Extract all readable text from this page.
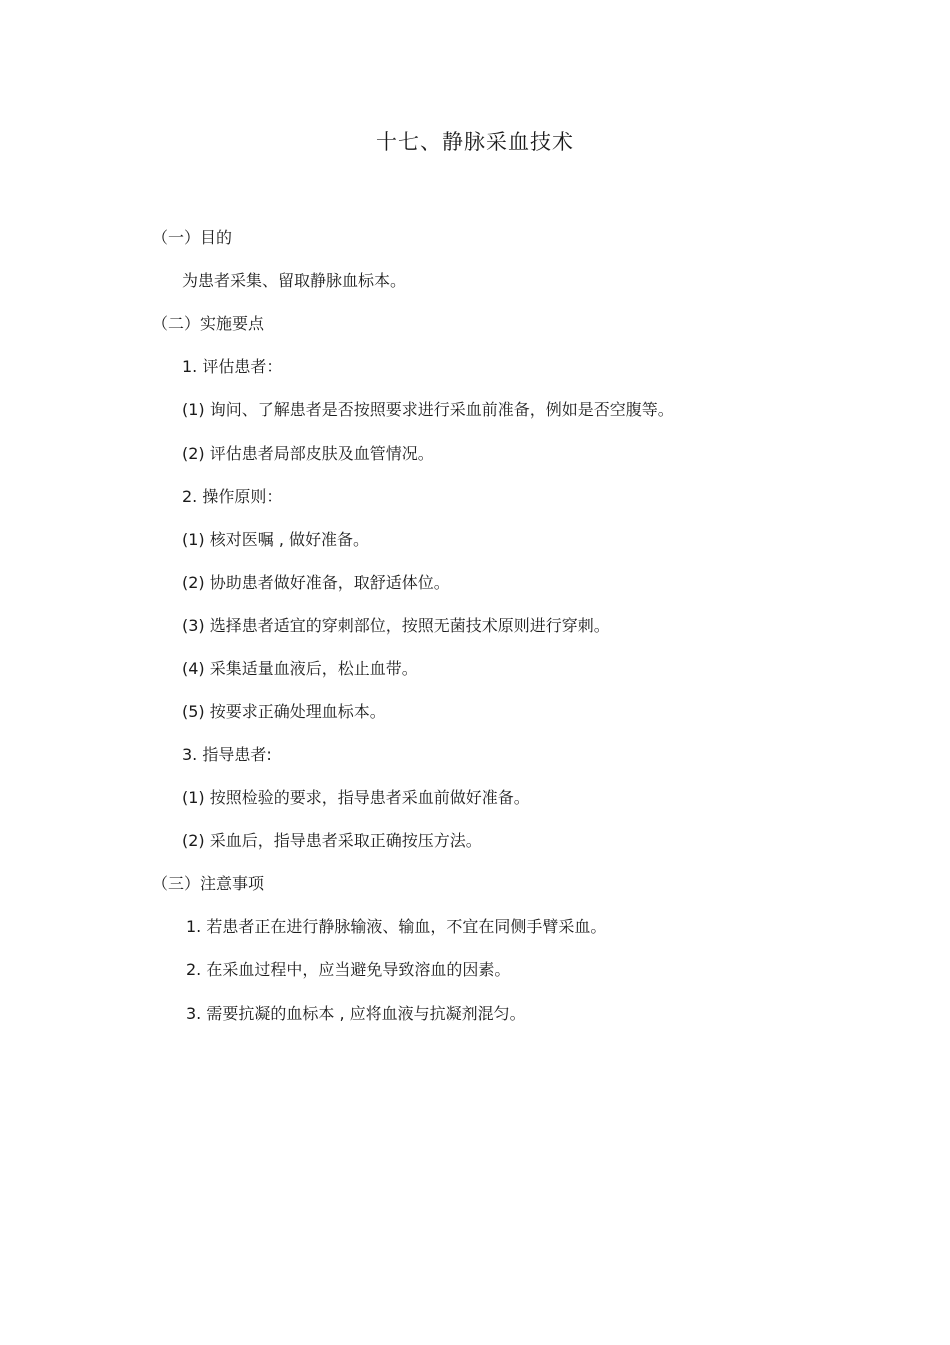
十七、静脉采血技术
（一）目的
为患者采集、留取静脉血标本。
（二）实施要点
1. 评估患者：
(1) 询问、了解患者是否按照要求进行采血前准备，例如是否空腹等。
(2) 评估患者局部皮肤及血管情况。
2. 操作原则：
(1) 核对医嘱 , 做好准备。
(2) 协助患者做好准备，取舒适体位。
(3) 选择患者适宜的穿刺部位，按照无菌技术原则进行穿刺。
(4) 采集适量血液后，松止血带。
(5) 按要求正确处理血标本。
3. 指导患者:
(1) 按照检验的要求，指导患者采血前做好准备。
(2) 采血后，指导患者采取正确按压方法。
（三）注意事项
1. 若患者正在进行静脉输液、输血，不宜在同侧手臂采血。
2. 在采血过程中，应当避免导致溶血的因素。
3. 需要抗凝的血标本 , 应将血液与抗凝剂混匀。
